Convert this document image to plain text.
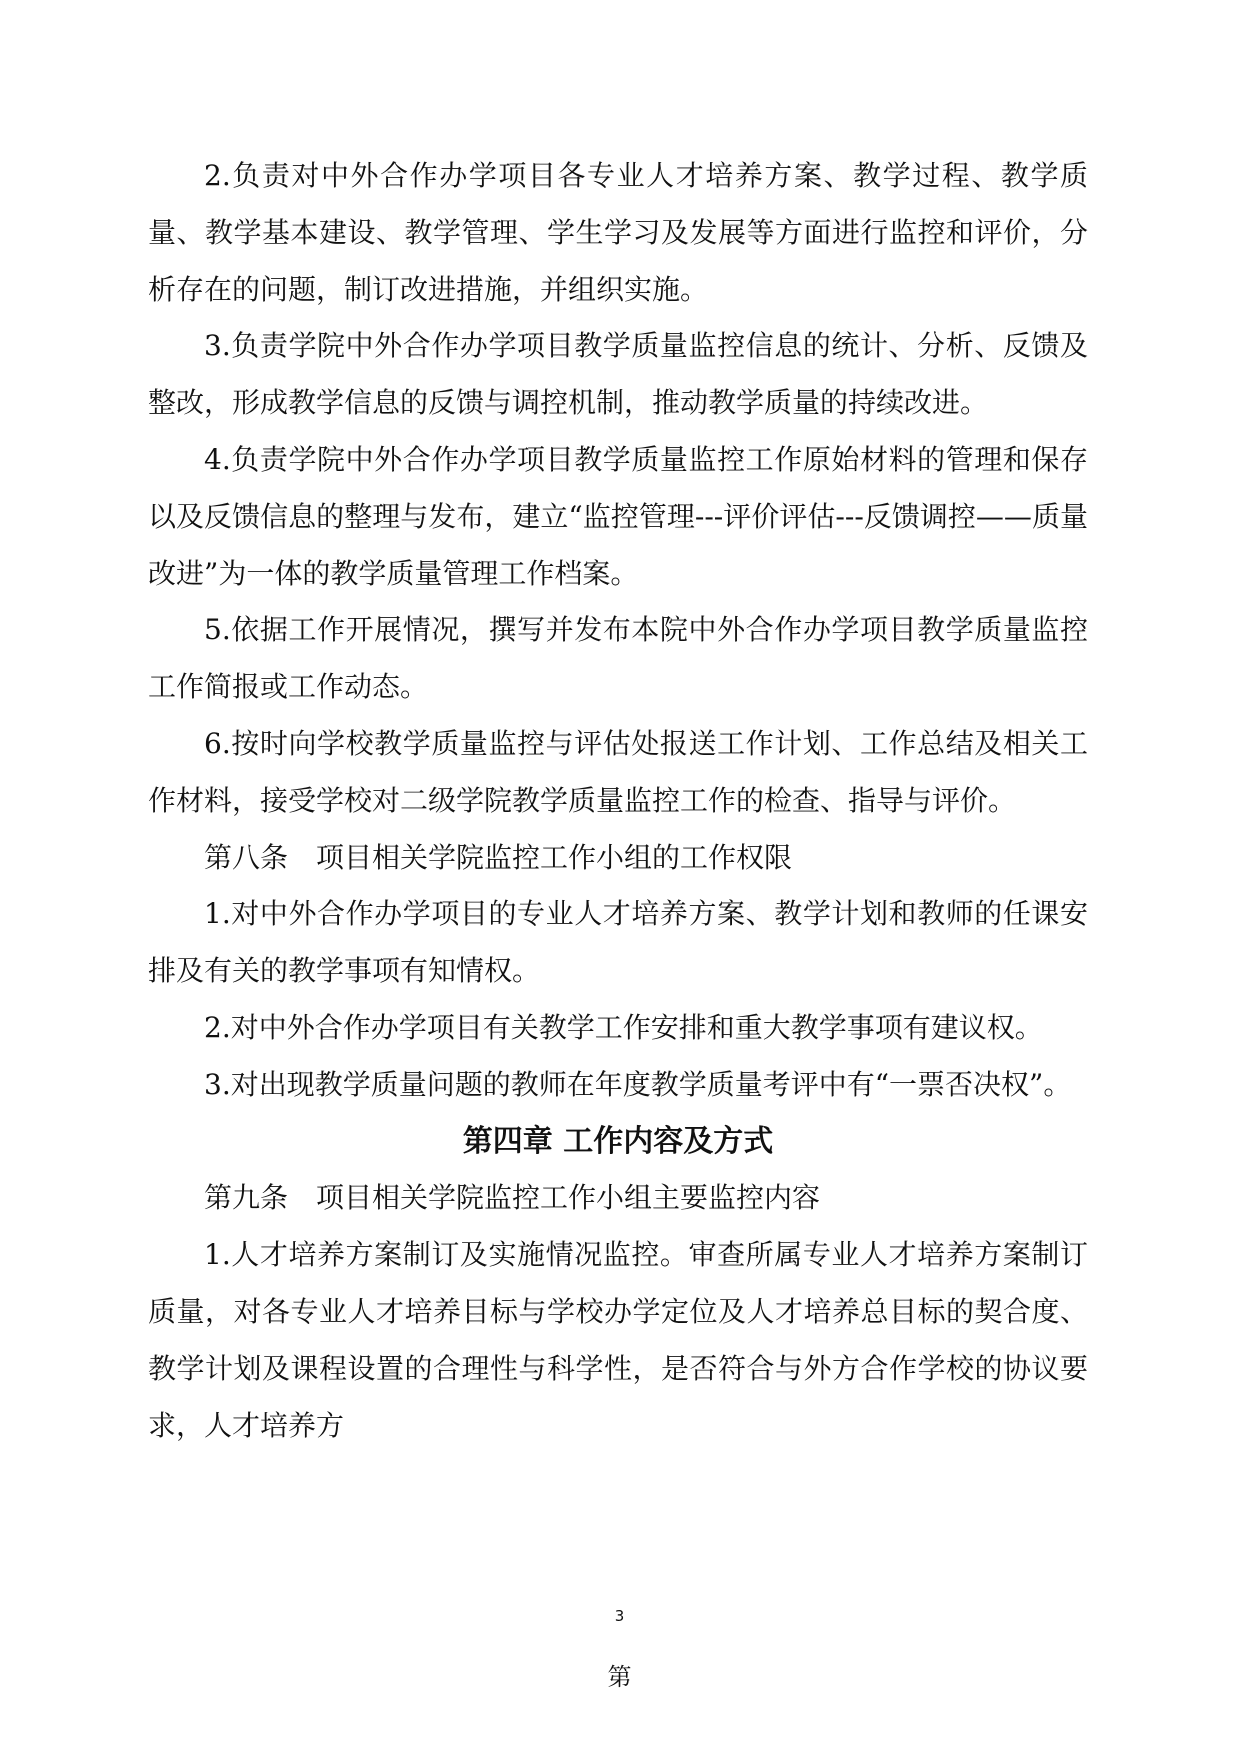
2.负责对中外合作办学项目各专业人才培养方案、教学过程、教学质量、教学基本建设、教学管理、学生学习及发展等方面进行监控和评价，分析存在的问题，制订改进措施，并组织实施。

3.负责学院中外合作办学项目教学质量监控信息的统计、分析、反馈及整改，形成教学信息的反馈与调控机制，推动教学质量的持续改进。

4.负责学院中外合作办学项目教学质量监控工作原始材料的管理和保存以及反馈信息的整理与发布，建立“监控管理---评价评估---反馈调控——质量改进”为一体的教学质量管理工作档案。

5.依据工作开展情况，撰写并发布本院中外合作办学项目教学质量监控工作简报或工作动态。

6.按时向学校教学质量监控与评估处报送工作计划、工作总结及相关工作材料，接受学校对二级学院教学质量监控工作的检查、指导与评价。

第八条　项目相关学院监控工作小组的工作权限

1.对中外合作办学项目的专业人才培养方案、教学计划和教师的任课安排及有关的教学事项有知情权。

2.对中外合作办学项目有关教学工作安排和重大教学事项有建议权。

3.对出现教学质量问题的教师在年度教学质量考评中有“一票否决权”。

第四章 工作内容及方式

第九条　项目相关学院监控工作小组主要监控内容

1.人才培养方案制订及实施情况监控。审查所属专业人才培养方案制订质量，对各专业人才培养目标与学校办学定位及人才培养总目标的契合度、教学计划及课程设置的合理性与科学性，是否符合与外方合作学校的协议要求，人才培养方

3
第
